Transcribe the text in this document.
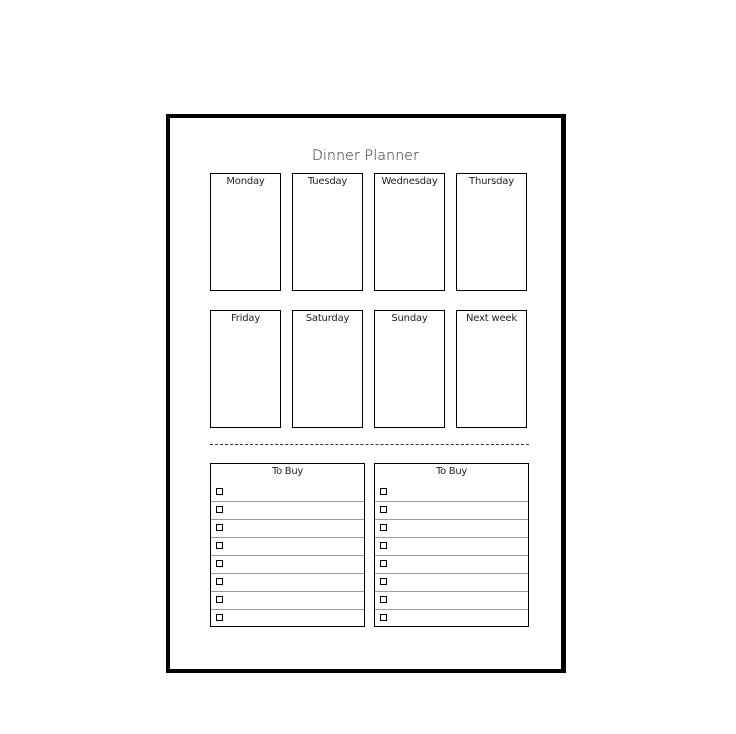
Dinner Planner
Monday	Tuesday	Wednesday	Thursday
Friday	Saturday	Sunday	Next week
To Buy	To Buy
